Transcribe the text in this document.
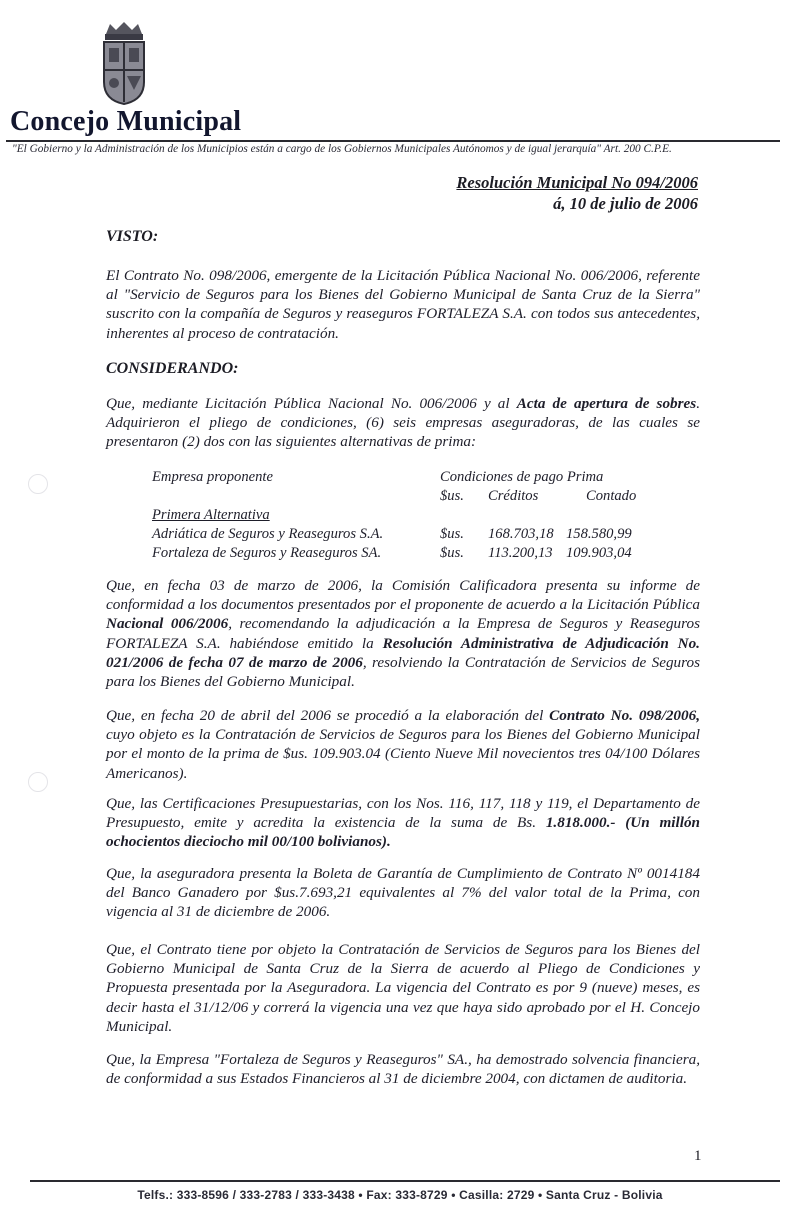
Concejo Municipal
"El Gobierno y la Administración de los Municipios están a cargo de los Gobiernos Municipales Autónomos y de igual jerarquía" Art. 200 C.P.E.
Resolución Municipal No 094/2006
á, 10 de julio de 2006
VISTO:
El Contrato No. 098/2006, emergente de la Licitación Pública Nacional No. 006/2006, referente al "Servicio de Seguros para los Bienes del Gobierno Municipal de Santa Cruz de la Sierra" suscrito con la compañía de Seguros y reaseguros FORTALEZA S.A. con todos sus antecedentes, inherentes al proceso de contratación.
CONSIDERANDO:
Que, mediante Licitación Pública Nacional No. 006/2006 y al Acta de apertura de sobres. Adquirieron el pliego de condiciones, (6) seis empresas aseguradoras, de las cuales se presentaron (2) dos con las siguientes alternativas de prima:
Empresa proponente	Condiciones de pago Prima
$us. Créditos	Contado
Primera Alternativa
Adriática de Seguros y Reaseguros S.A.	$us. 168.703,18 158.580,99
Fortaleza de Seguros y Reaseguros SA.	$us. 113.200,13 109.903,04
Que, en fecha 03 de marzo de 2006, la Comisión Calificadora presenta su informe de conformidad a los documentos presentados por el proponente de acuerdo a la Licitación Pública Nacional 006/2006, recomendando la adjudicación a la Empresa de Seguros y Reaseguros FORTALEZA S.A. habiéndose emitido la Resolución Administrativa de Adjudicación No. 021/2006 de fecha 07 de marzo de 2006, resolviendo la Contratación de Servicios de Seguros para los Bienes del Gobierno Municipal.
Que, en fecha 20 de abril del 2006 se procedió a la elaboración del Contrato No. 098/2006, cuyo objeto es la Contratación de Servicios de Seguros para los Bienes del Gobierno Municipal por el monto de la prima de $us. 109.903.04 (Ciento Nueve Mil novecientos tres 04/100 Dólares Americanos).
Que, las Certificaciones Presupuestarias, con los Nos. 116, 117, 118 y 119, el Departamento de Presupuesto, emite y acredita la existencia de la suma de Bs. 1.818.000.- (Un millón ochocientos dieciocho mil 00/100 bolivianos).
Que, la aseguradora presenta la Boleta de Garantía de Cumplimiento de Contrato Nº 0014184 del Banco Ganadero por $us.7.693,21 equivalentes al 7% del valor total de la Prima, con vigencia al 31 de diciembre de 2006.
Que, el Contrato tiene por objeto la Contratación de Servicios de Seguros para los Bienes del Gobierno Municipal de Santa Cruz de la Sierra de acuerdo al Pliego de Condiciones y Propuesta presentada por la Aseguradora. La vigencia del Contrato es por 9 (nueve) meses, es decir hasta el 31/12/06 y correrá la vigencia una vez que haya sido aprobado por el H. Concejo Municipal.
Que, la Empresa "Fortaleza de Seguros y Reaseguros" SA., ha demostrado solvencia financiera, de conformidad a sus Estados Financieros al 31 de diciembre 2004, con dictamen de auditoria.
1
Telfs.: 333-8596 / 333-2783 / 333-3438 • Fax: 333-8729 • Casilla: 2729 • Santa Cruz - Bolivia
